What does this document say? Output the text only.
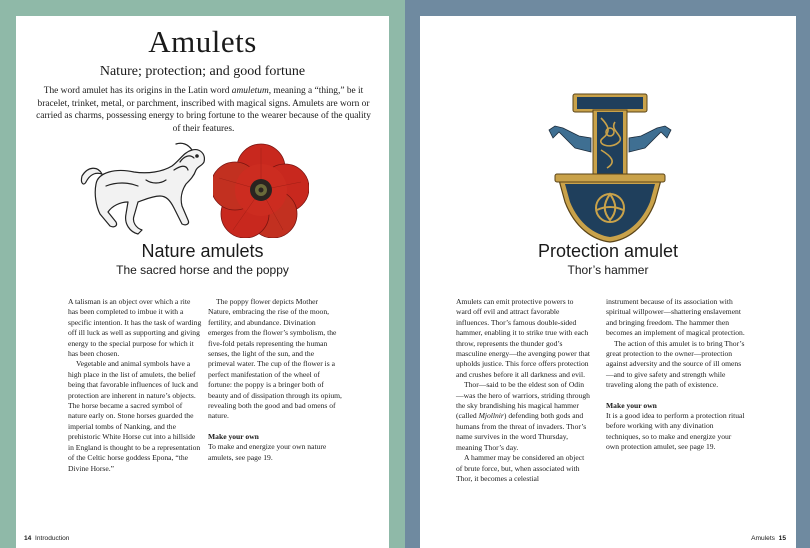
Amulets
Nature; protection; and good fortune
The word amulet has its origins in the Latin word amuletum, meaning a “thing,” be it bracelet, trinket, metal, or parchment, inscribed with magical signs. Amulets are worn or carried as charms, possessing energy to bring fortune to the wearer because of the quality of their features.
Nature amulets
The sacred horse and the poppy

A talisman is an object over which a rite has been completed to imbue it with a specific intention. It has the task of warding off ill luck as well as supporting and giving energy to the special purpose for which it has been chosen.

Vegetable and animal symbols have a high place in the list of amulets, the belief being that favorable influences of luck and protection are inherent in nature’s objects. The horse became a sacred symbol of nature early on. Stone horses guarded the imperial tombs of Nanking, and the prehistoric White Horse cut into a hillside in England is thought to be a representation of the Celtic horse goddess Epona, “the Divine Horse.”

The poppy flower depicts Mother Nature, embracing the rise of the moon, fertility, and abundance. Divination emerges from the flower’s symbolism, the five-fold petals representing the human senses, the light of the sun, and the primeval water. The cup of the flower is a perfect manifestation of the wheel of fortune: the poppy is a bringer both of beauty and of dissipation through its opium, revealing both the good and bad omens of nature.

Make your own

To make and energize your own nature amulets, see page 19.

14 Introduction
Protection amulet
Thor’s hammer

Amulets can emit protective powers to ward off evil and attract favorable influences. Thor’s famous double-sided hammer, enabling it to strike true with each throw, represents the thunder god’s masculine energy—the avenging power that upholds justice. This force offers protection and crushes before it all darkness and evil.

Thor—said to be the eldest son of Odin—was the hero of warriors, striding through the sky brandishing his magical hammer (called Mjollnir) defending both gods and humans from the threat of invaders. Thor’s name survives in the word Thursday, meaning Thor’s day.

A hammer may be considered an object of brute force, but, when associated with Thor, it becomes a celestial

instrument because of its association with spiritual willpower—shattering enslavement and bringing freedom. The hammer then becomes an implement of magical protection.

The action of this amulet is to bring Thor’s great protection to the owner—protection against adversity and the source of ill omens—and to give safety and strength while traveling along the path of existence.

Make your own

It is a good idea to perform a protection ritual before working with any divination techniques, so to make and energize your own protection amulet, see page 19.

Amulets 15
